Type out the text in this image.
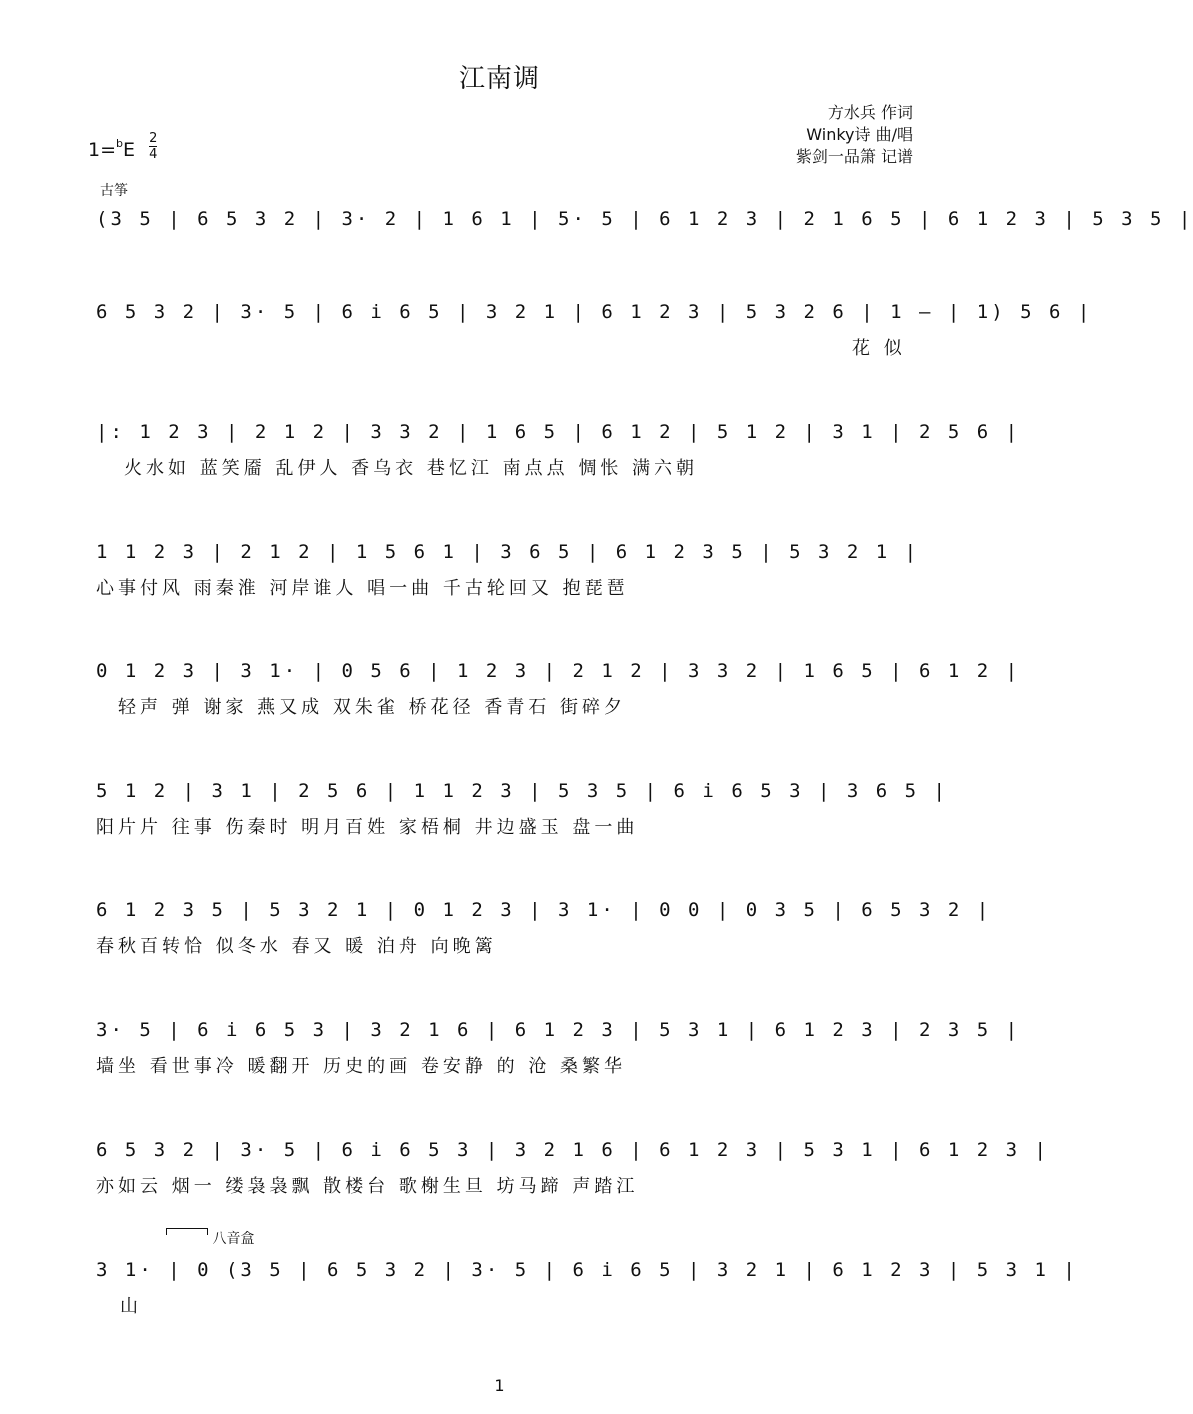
江南调
方水兵 作词
Winky诗 曲/唱
紫剑一品箫 记谱
$1=^bE \frac{2}{4}$
古筝
八音盒
(3 5 | 6 5 3 2 | 3· 2 | 1 6 1 | 5· 5 | 6 1 2 3 | 2 1 6 5 | 6 1 2 3 | 5 3 5 |
6 5 3 2 | 3· 5 | 6 i 6 5 | 3 2 1 | 6 1 2 3 | 5 3 2 6 | 1 — | 1) 5 6 |
花 似
|: 1 2 3 | 2 1 2 | 3 3 2 | 1 6 5 | 6 1 2 | 5 1 2 | 3 1 | 2 5 6 |
火水如 蓝笑靥 乱伊人 香乌衣 巷忆江 南点点 惆怅 满六朝
1 1 2 3 | 2 1 2 | 1 5 6 1 | 3 6 5 | 6 1 2 3 5 | 5 3 2 1 |
心事付风 雨秦淮 河岸谁人 唱一曲 千古轮回又 抱琵琶
0 1 2 3 | 3 1· | 0 5 6 | 1 2 3 | 2 1 2 | 3 3 2 | 1 6 5 | 6 1 2 |
轻声 弹 谢家 燕又成 双朱雀 桥花径 香青石 街碎夕
5 1 2 | 3 1 | 2 5 6 | 1 1 2 3 | 5 3 5 | 6 i 6 5 3 | 3 6 5 |
阳片片 往事 伤秦时 明月百姓 家梧桐 井边盛玉 盘一曲
6 1 2 3 5 | 5 3 2 1 | 0 1 2 3 | 3 1· | 0 0 | 0 3 5 | 6 5 3 2 |
春秋百转恰 似冬水 春又 暖 泊舟 向晚篱
3· 5 | 6 i 6 5 3 | 3 2 1 6 | 6 1 2 3 | 5 3 1 | 6 1 2 3 | 2 3 5 |
墙坐 看世事冷 暖翻开 历史的画 卷安静 的 沧 桑繁华
6 5 3 2 | 3· 5 | 6 i 6 5 3 | 3 2 1 6 | 6 1 2 3 | 5 3 1 | 6 1 2 3 |
亦如云 烟一 缕袅袅飘 散楼台 歌榭生旦 坊马蹄 声踏江
3 1· | 0 (3 5 | 6 5 3 2 | 3· 5 | 6 i 6 5 | 3 2 1 | 6 1 2 3 | 5 3 1 |
山
1
